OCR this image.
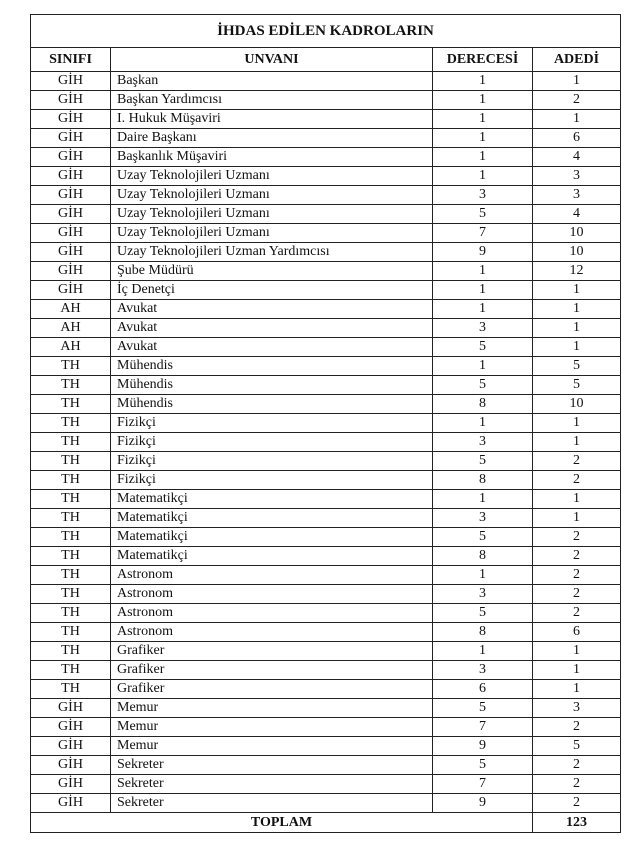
İHDAS EDİLEN KADROLARIN			
SINIFI	UNVANI	DERECESİ	ADEDİ
GİH	Başkan	1	1
GİH	Başkan Yardımcısı	1	2
GİH	I. Hukuk Müşaviri	1	1
GİH	Daire Başkanı	1	6
GİH	Başkanlık Müşaviri	1	4
GİH	Uzay Teknolojileri Uzmanı	1	3
GİH	Uzay Teknolojileri Uzmanı	3	3
GİH	Uzay Teknolojileri Uzmanı	5	4
GİH	Uzay Teknolojileri Uzmanı	7	10
GİH	Uzay Teknolojileri Uzman Yardımcısı	9	10
GİH	Şube Müdürü	1	12
GİH	İç Denetçi	1	1
AH	Avukat	1	1
AH	Avukat	3	1
AH	Avukat	5	1
TH	Mühendis	1	5
TH	Mühendis	5	5
TH	Mühendis	8	10
TH	Fizikçi	1	1
TH	Fizikçi	3	1
TH	Fizikçi	5	2
TH	Fizikçi	8	2
TH	Matematikçi	1	1
TH	Matematikçi	3	1
TH	Matematikçi	5	2
TH	Matematikçi	8	2
TH	Astronom	1	2
TH	Astronom	3	2
TH	Astronom	5	2
TH	Astronom	8	6
TH	Grafiker	1	1
TH	Grafiker	3	1
TH	Grafiker	6	1
GİH	Memur	5	3
GİH	Memur	7	2
GİH	Memur	9	5
GİH	Sekreter	5	2
GİH	Sekreter	7	2
GİH	Sekreter	9	2
TOPLAM			123
